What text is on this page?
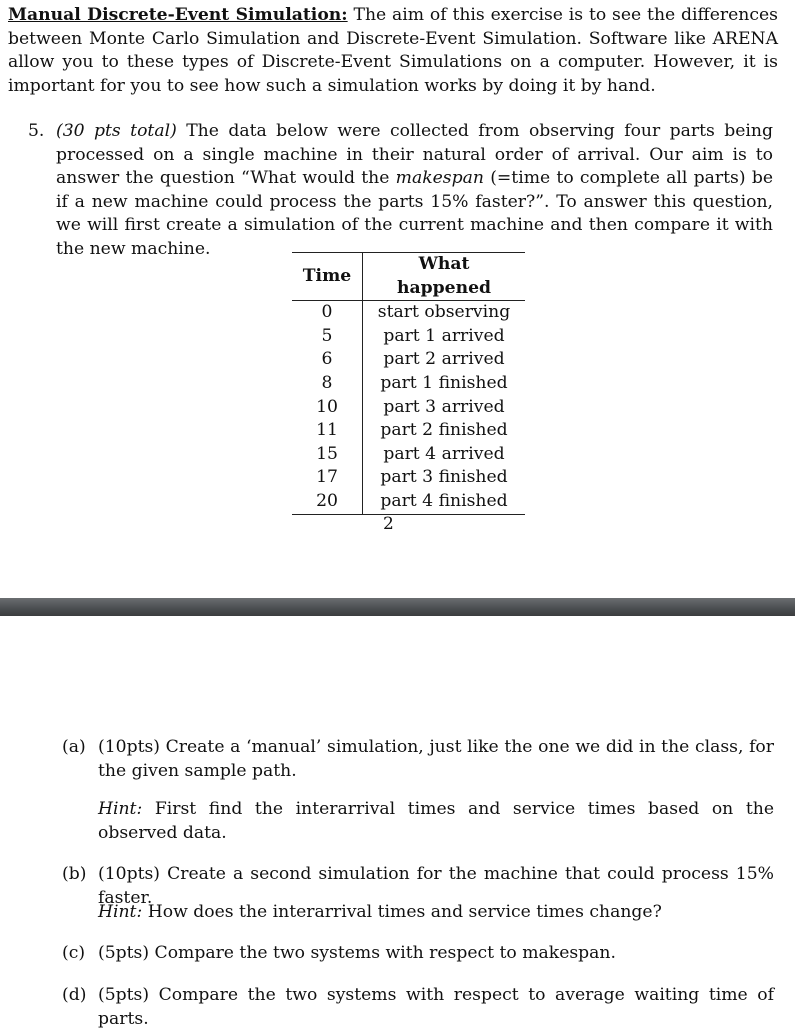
Manual Discrete-Event Simulation: The aim of this exercise is to see the differences between Monte Carlo Simulation and Discrete-Event Simulation. Software like ARENA allow you to these types of Discrete-Event Simulations on a computer. However, it is important for you to see how such a simulation works by doing it by hand.
5. (30 pts total) The data below were collected from observing four parts being processed on a single machine in their natural order of arrival. Our aim is to answer the question “What would the makespan (=time to complete all parts) be if a new machine could process the parts 15% faster?”. To answer this question, we will first create a simulation of the current machine and then compare it with the new machine.
Time	What happened
0	start observing
5	part 1 arrived
6	part 2 arrived
8	part 1 finished
10	part 3 arrived
11	part 2 finished
15	part 4 arrived
17	part 3 finished
20	part 4 finished
2
(a) (10pts) Create a ‘manual’ simulation, just like the one we did in the class, for the given sample path.
Hint: First find the interarrival times and service times based on the observed data.
(b) (10pts) Create a second simulation for the machine that could process 15% faster.
Hint: How does the interarrival times and service times change?
(c) (5pts) Compare the two systems with respect to makespan.
(d) (5pts) Compare the two systems with respect to average waiting time of parts.
